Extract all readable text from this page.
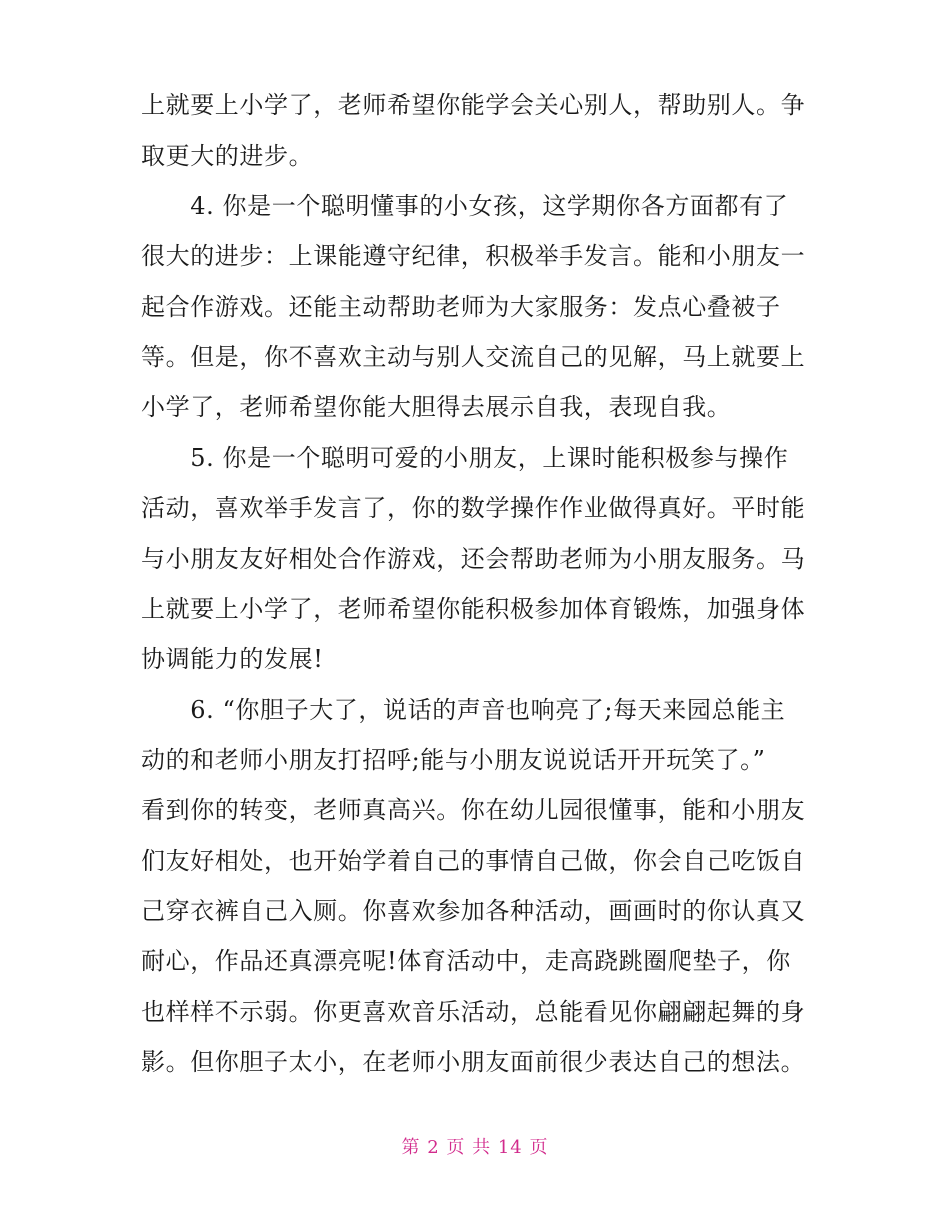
上就要上小学了，老师希望你能学会关心别人，帮助别人。争
取更大的进步。
　　4. 你是一个聪明懂事的小女孩，这学期你各方面都有了
很大的进步：上课能遵守纪律，积极举手发言。能和小朋友一
起合作游戏。还能主动帮助老师为大家服务：发点心叠被子
等。但是，你不喜欢主动与别人交流自己的见解，马上就要上
小学了，老师希望你能大胆得去展示自我，表现自我。
　　5. 你是一个聪明可爱的小朋友，上课时能积极参与操作
活动，喜欢举手发言了，你的数学操作作业做得真好。平时能
与小朋友友好相处合作游戏，还会帮助老师为小朋友服务。马
上就要上小学了，老师希望你能积极参加体育锻炼，加强身体
协调能力的发展!
　　6. “你胆子大了，说话的声音也响亮了;每天来园总能主
动的和老师小朋友打招呼;能与小朋友说说话开开玩笑了。”
看到你的转变，老师真高兴。你在幼儿园很懂事，能和小朋友
们友好相处，也开始学着自己的事情自己做，你会自己吃饭自
己穿衣裤自己入厕。你喜欢参加各种活动，画画时的你认真又
耐心，作品还真漂亮呢!体育活动中，走高跷跳圈爬垫子，你
也样样不示弱。你更喜欢音乐活动，总能看见你翩翩起舞的身
影。但你胆子太小，在老师小朋友面前很少表达自己的想法。
第 2 页 共 14 页
